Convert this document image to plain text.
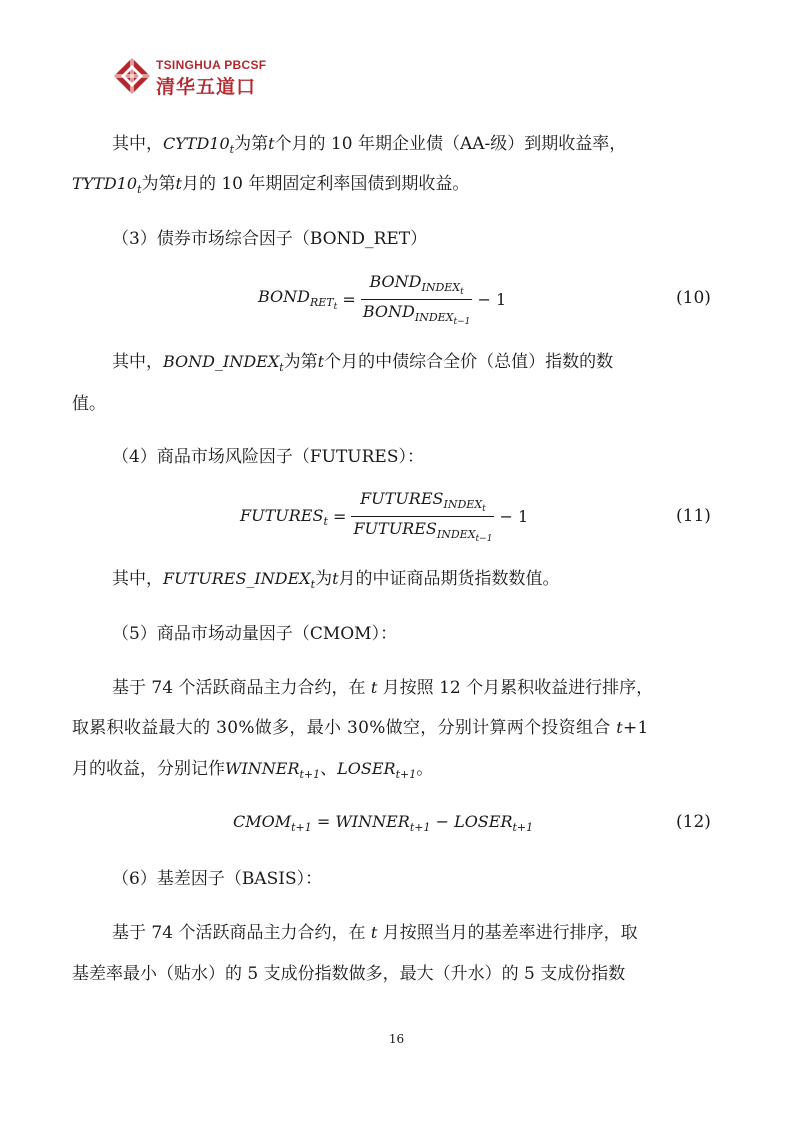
TSINGHUA PBCSF
清华五道口
其中，$CYTD10_t$为第t个月的 10 年期企业债（AA-级）到期收益率，
$TYTD10_t$为第t月的 10 年期固定利率国债到期收益。
（3）债券市场综合因子（BOND_RET）
$BOND_{RET_t} = \frac{BOND_{INDEX_t}}{BOND_{INDEX_{t-1}}} - 1$	(10)
其中，$BOND\_INDEX_t$为第t个月的中债综合全价（总值）指数的数
值。
（4）商品市场风险因子（FUTURES）：
$FUTURES_t = \frac{FUTURES_{INDEX_t}}{FUTURES_{INDEX_{t-1}}} - 1$	(11)
其中，$FUTURES\_INDEX_t$为t月的中证商品期货指数数值。
（5）商品市场动量因子（CMOM）：
基于 74 个活跃商品主力合约，在 t 月按照 12 个月累积收益进行排序，
取累积收益最大的 30%做多，最小 30%做空，分别计算两个投资组合 t+1
月的收益，分别记作$WINNER_{t+1}$、$LOSER_{t+1}$。
$CMOM_{t+1}$ = $WINNER_{t+1}$ − $LOSER_{t+1}$	(12)
（6）基差因子（BASIS）：
基于 74 个活跃商品主力合约，在 t 月按照当月的基差率进行排序，取
基差率最小（贴水）的 5 支成份指数做多，最大（升水）的 5 支成份指数
16
